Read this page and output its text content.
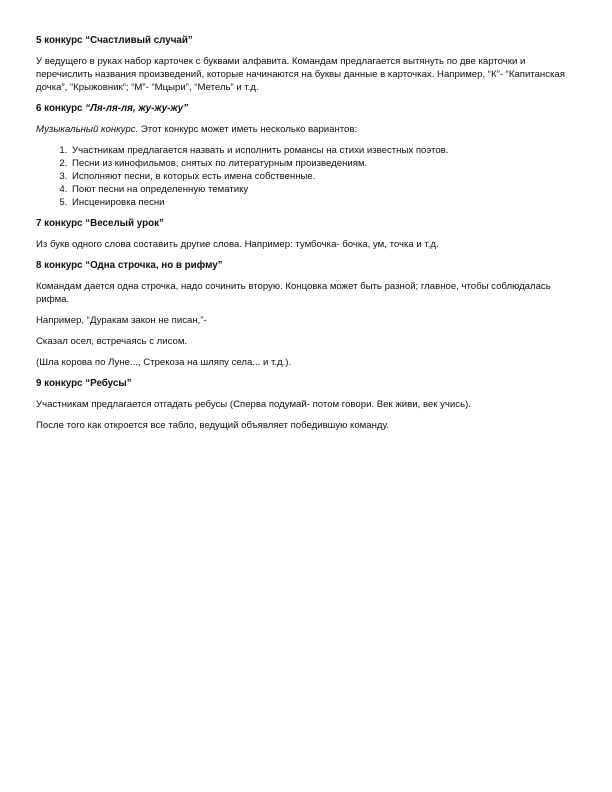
5 конкурс “Счастливый случай”

У ведущего в руках набор карточек с буквами алфавита. Командам предлагается вытянуть по две карточки и перечислить названия произведений, которые начинаются на буквы данные в карточках. Например, “К”- “Капитанская дочка”, “Крыжовник”; “М”- “Мцыри”, “Метель” и т.д.

6 конкурс “Ля-ля-ля, жу-жу-жу”

Музыкальный конкурс. Этот конкурс может иметь несколько вариантов:

1. Участникам предлагается назвать и исполнить романсы на стихи известных поэтов.
2. Песни из кинофильмов, снятых по литературным произведениям.
3. Исполняют песни, в которых есть имена собственные.
4. Поют песни на определенную тематику
5. Инсценировка песни
7 конкурс “Веселый урок”

Из букв одного слова составить другие слова. Например: тумбочка- бочка, ум, точка и т.д.

8 конкурс “Одна строчка, но в рифму”

Командам дается одна строчка, надо сочинить вторую. Концовка может быть разной; главное, чтобы соблюдалась рифма.

Например, “Дуракам закон не писан,”-

Сказал осел, встречаясь с лисом.

(Шла корова по Луне..., Стрекоза на шляпу села... и т.д.).

9 конкурс “Ребусы”

Участникам предлагается отгадать ребусы (Сперва подумай- потом говори. Век живи, век учись).

После того как откроется все табло, ведущий объявляет победившую команду.
